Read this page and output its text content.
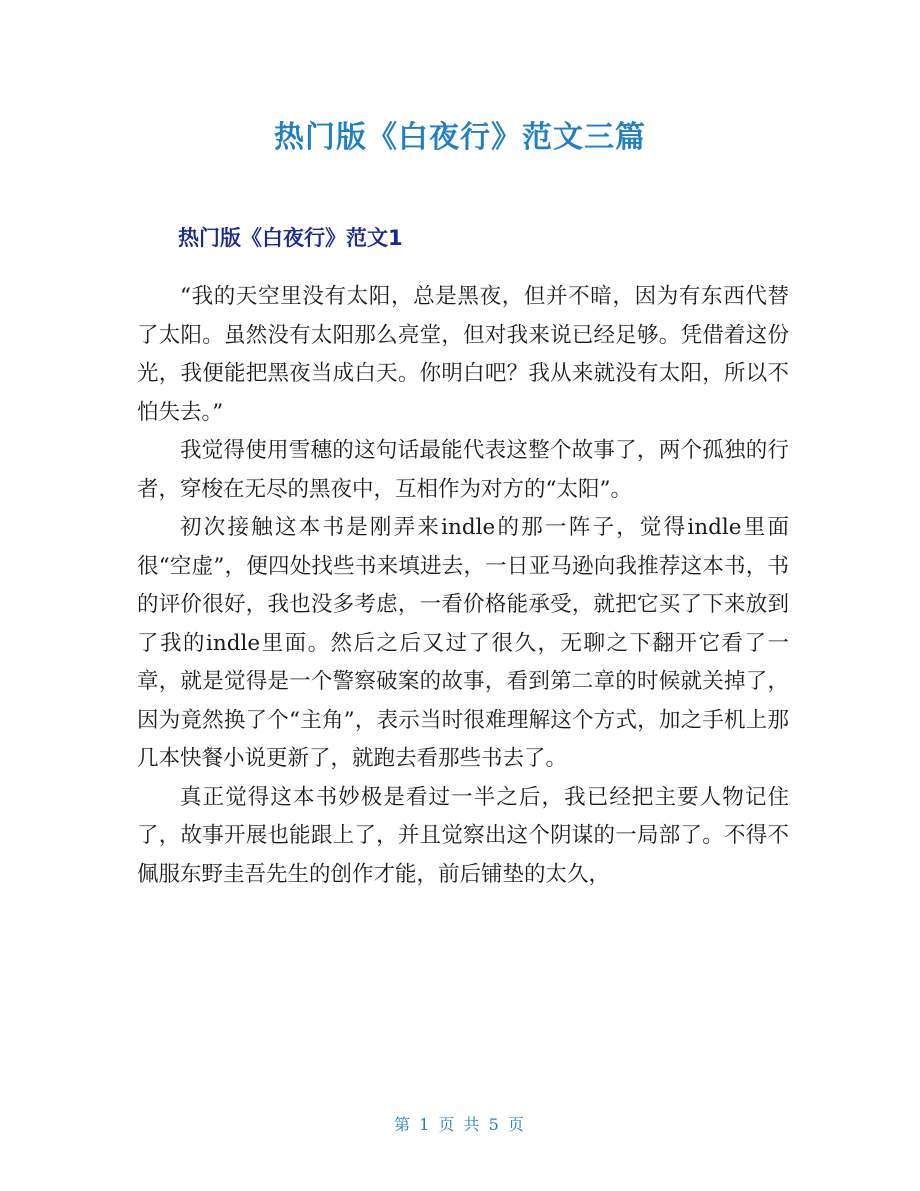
热门版《白夜行》范文三篇
热门版《白夜行》范文1

“我的天空里没有太阳，总是黑夜，但并不暗，因为有东西代替了太阳。虽然没有太阳那么亮堂，但对我来说已经足够。凭借着这份光，我便能把黑夜当成白天。你明白吧？我从来就没有太阳，所以不怕失去。”

我觉得使用雪穗的这句话最能代表这整个故事了，两个孤独的行者，穿梭在无尽的黑夜中，互相作为对方的“太阳”。

初次接触这本书是刚弄来indle的那一阵子，觉得indle里面很“空虚”，便四处找些书来填进去，一日亚马逊向我推荐这本书，书的评价很好，我也没多考虑，一看价格能承受，就把它买了下来放到了我的indle里面。然后之后又过了很久，无聊之下翻开它看了一章，就是觉得是一个警察破案的故事，看到第二章的时候就关掉了，因为竟然换了个“主角”，表示当时很难理解这个方式，加之手机上那几本快餐小说更新了，就跑去看那些书去了。

真正觉得这本书妙极是看过一半之后，我已经把主要人物记住了，故事开展也能跟上了，并且觉察出这个阴谋的一局部了。不得不佩服东野圭吾先生的创作才能，前后铺垫的太久，

第 1 页 共 5 页
